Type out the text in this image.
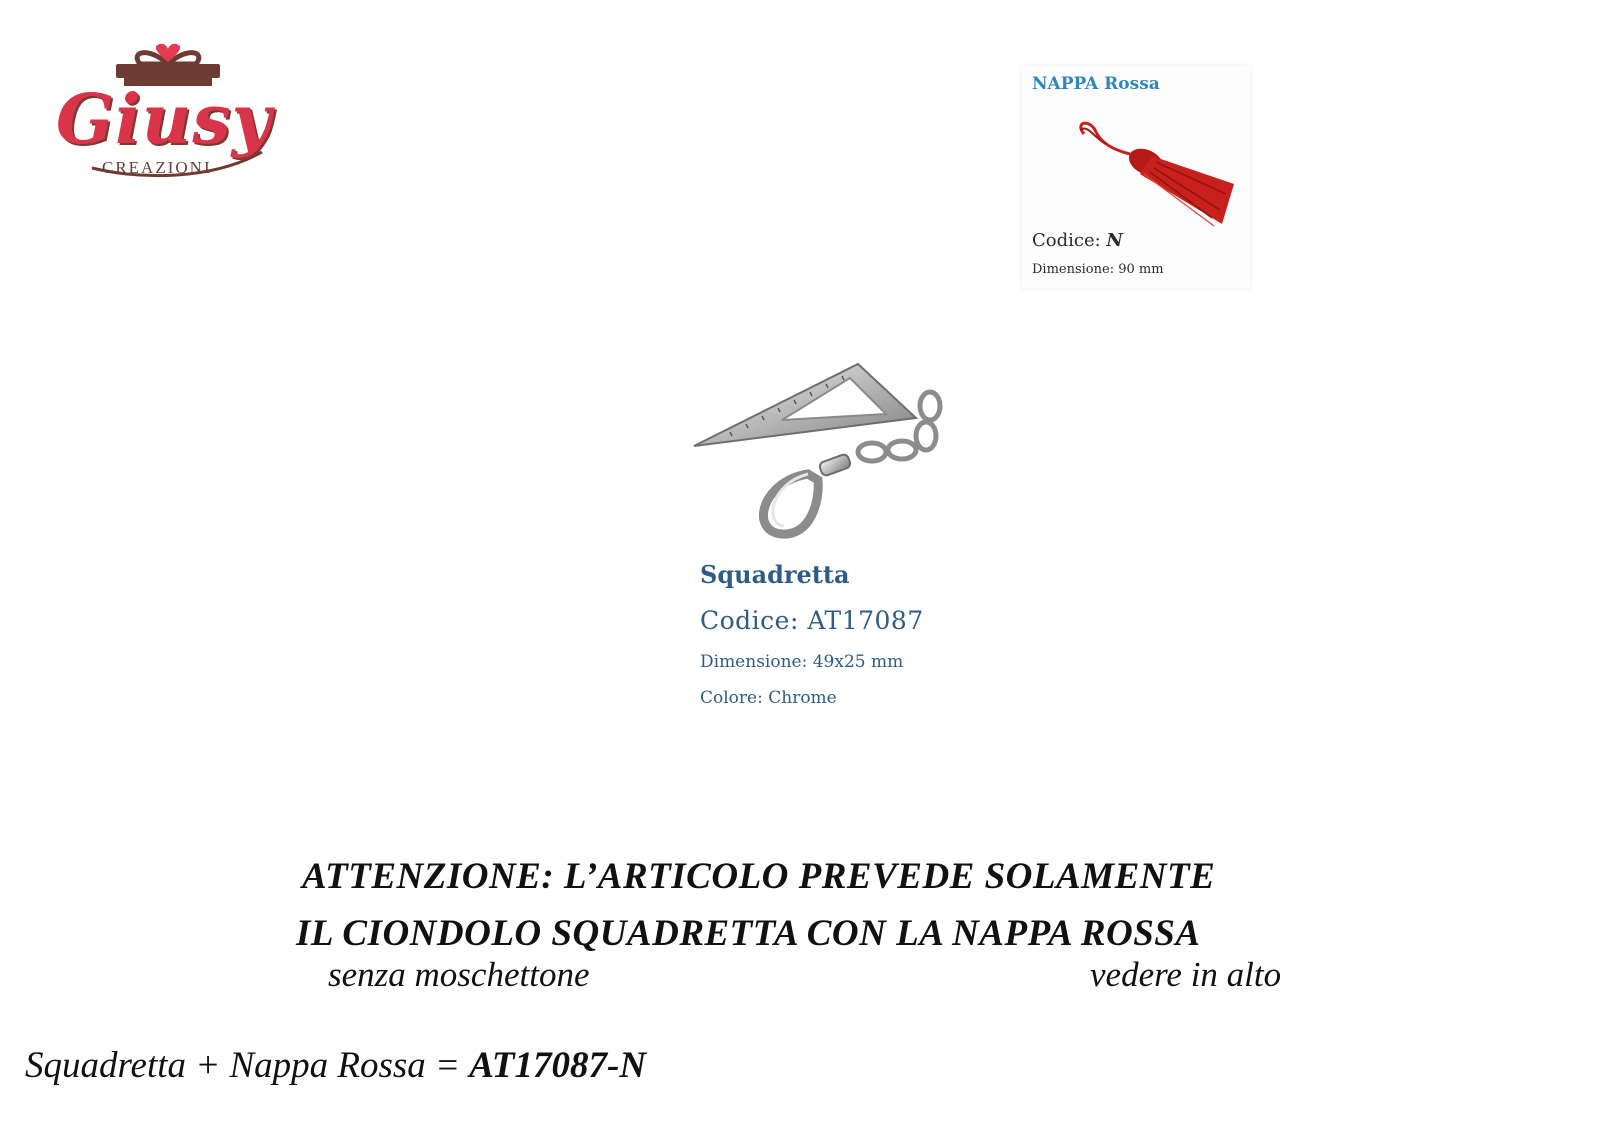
Giusy
CREAZIONI
NAPPA Rossa
Codice: N
Dimensione: 90 mm
Squadretta
Codice: AT17087
Dimensione: 49x25 mm
Colore: Chrome
ATTENZIONE: L’ARTICOLO PREVEDE SOLAMENTE
IL CIONDOLO SQUADRETTA CON LA NAPPA ROSSA
senza moschettone	vedere in alto
Squadretta + Nappa Rossa = AT17087-N
